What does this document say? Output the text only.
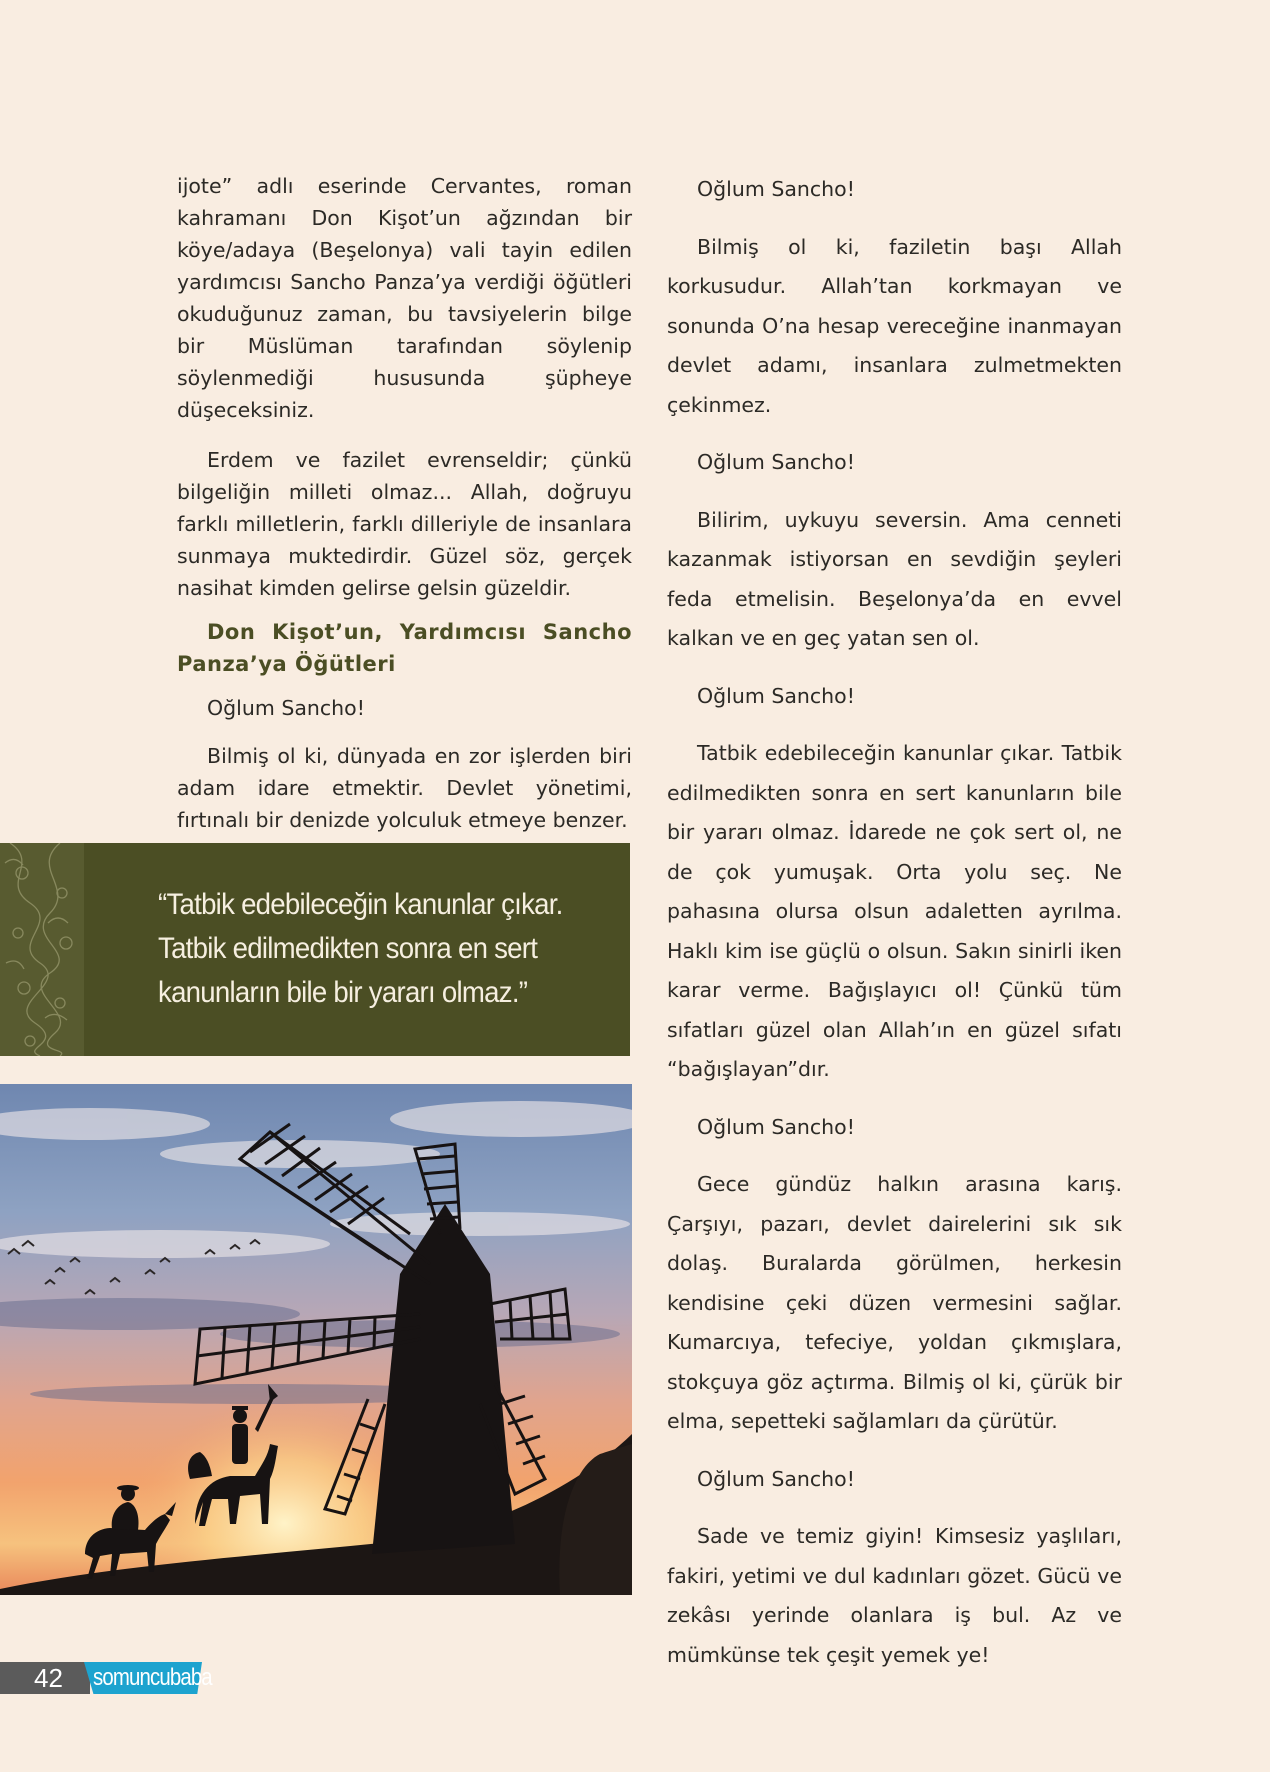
ijote” adlı eserinde Cervantes, roman kahramanı Don Kişot’un ağzından bir köye/adaya (Beşelonya) vali tayin edilen yardımcısı Sancho Panza’ya verdiği öğütleri okuduğunuz zaman, bu tavsiyelerin bilge bir Müslüman tarafından söylenip söylenmediği hususunda şüpheye düşeceksiniz.

Erdem ve fazilet evrenseldir; çünkü bilgeliğin milleti olmaz... Allah, doğruyu farklı milletlerin, farklı dilleriyle de insanlara sunmaya muktedirdir. Güzel söz, gerçek nasihat kimden gelirse gelsin güzeldir.

Don Kişot’un, Yardımcısı Sancho Panza’ya Öğütleri

Oğlum Sancho!

Bilmiş ol ki, dünyada en zor işlerden biri adam idare etmektir. Devlet yönetimi, fırtınalı bir denizde yolculuk etmeye benzer.

“Tatbik edebileceğin kanunlar çıkar.
Tatbik edilmedikten sonra en sert
kanunların bile bir yararı olmaz.”

Oğlum Sancho!

Bilmiş ol ki, faziletin başı Allah korkusudur. Allah’tan korkmayan ve sonunda O’na hesap vereceğine inanmayan devlet adamı, insanlara zulmetmekten çekinmez.

Oğlum Sancho!

Bilirim, uykuyu seversin. Ama cenneti kazanmak istiyorsan en sevdiğin şeyleri feda etmelisin. Beşelonya’da en evvel kalkan ve en geç yatan sen ol.

Oğlum Sancho!

Tatbik edebileceğin kanunlar çıkar. Tatbik edilmedikten sonra en sert kanunların bile bir yararı olmaz. İdarede ne çok sert ol, ne de çok yumuşak. Orta yolu seç. Ne pahasına olursa olsun adaletten ayrılma. Haklı kim ise güçlü o olsun. Sakın sinirli iken karar verme. Bağışlayıcı ol! Çünkü tüm sıfatları güzel olan Allah’ın en güzel sıfatı “bağışlayan”dır.

Oğlum Sancho!

Gece gündüz halkın arasına karış. Çarşıyı, pazarı, devlet dairelerini sık sık dolaş. Buralarda görülmen, herkesin kendisine çeki düzen vermesini sağlar. Kumarcıya, tefeciye, yoldan çıkmışlara, stokçuya göz açtırma. Bilmiş ol ki, çürük bir elma, sepetteki sağlamları da çürütür.

Oğlum Sancho!

Sade ve temiz giyin! Kimsesiz yaşlıları, fakiri, yetimi ve dul kadınları gözet. Gücü ve zekâsı yerinde olanlara iş bul. Az ve mümkünse tek çeşit yemek ye!

42 somuncubaba
